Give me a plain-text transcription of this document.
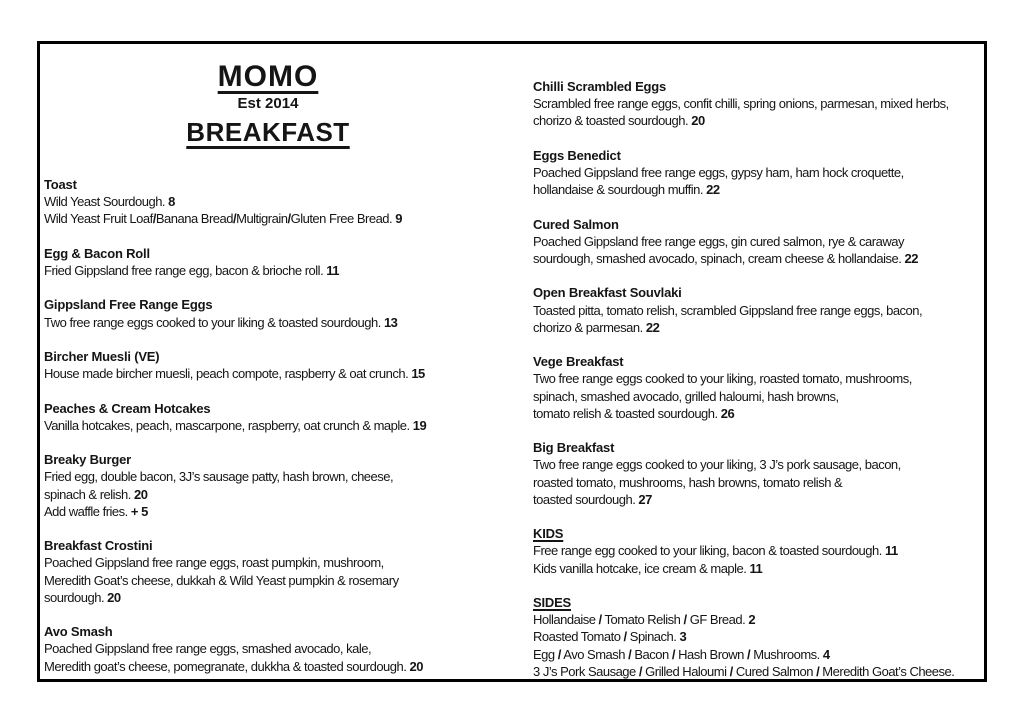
MOMO
Est 2014
BREAKFAST
Toast

Wild Yeast Sourdough. 8

Wild Yeast Fruit Loaf/Banana Bread/Multigrain/Gluten Free Bread. 9

Egg & Bacon Roll

Fried Gippsland free range egg, bacon & brioche roll. 11

Gippsland Free Range Eggs

Two free range eggs cooked to your liking & toasted sourdough. 13

Bircher Muesli (VE)

House made bircher muesli, peach compote, raspberry & oat crunch. 15

Peaches & Cream Hotcakes

Vanilla hotcakes, peach, mascarpone, raspberry, oat crunch & maple. 19

Breaky Burger

Fried egg, double bacon, 3J’s sausage patty, hash brown, cheese,

spinach & relish. 20

Add waffle fries. + 5

Breakfast Crostini

Poached Gippsland free range eggs, roast pumpkin, mushroom,

Meredith Goat’s cheese, dukkah & Wild Yeast pumpkin & rosemary

sourdough. 20

Avo Smash

Poached Gippsland free range eggs, smashed avocado, kale,

Meredith goat’s cheese, pomegranate, dukkha & toasted sourdough. 20

Chilli Scrambled Eggs

Scrambled free range eggs, confit chilli, spring onions, parmesan, mixed herbs,

chorizo & toasted sourdough. 20

Eggs Benedict

Poached Gippsland free range eggs, gypsy ham, ham hock croquette,

hollandaise & sourdough muffin. 22

Cured Salmon

Poached Gippsland free range eggs, gin cured salmon, rye & caraway

sourdough, smashed avocado, spinach, cream cheese & hollandaise. 22

Open Breakfast Souvlaki

Toasted pitta, tomato relish, scrambled Gippsland free range eggs, bacon,

chorizo & parmesan. 22

Vege Breakfast

Two free range eggs cooked to your liking, roasted tomato, mushrooms,

spinach, smashed avocado, grilled haloumi, hash browns,

tomato relish & toasted sourdough. 26

Big Breakfast

Two free range eggs cooked to your liking, 3 J’s pork sausage, bacon,

roasted tomato, mushrooms, hash browns, tomato relish &

toasted sourdough. 27

KIDS

Free range egg cooked to your liking, bacon & toasted sourdough. 11

Kids vanilla hotcake, ice cream & maple. 11

SIDES

Hollandaise / Tomato Relish / GF Bread. 2

Roasted Tomato / Spinach. 3

Egg / Avo Smash / Bacon / Hash Brown / Mushrooms. 4

3 J’s Pork Sausage / Grilled Haloumi / Cured Salmon / Meredith Goat’s Cheese.
